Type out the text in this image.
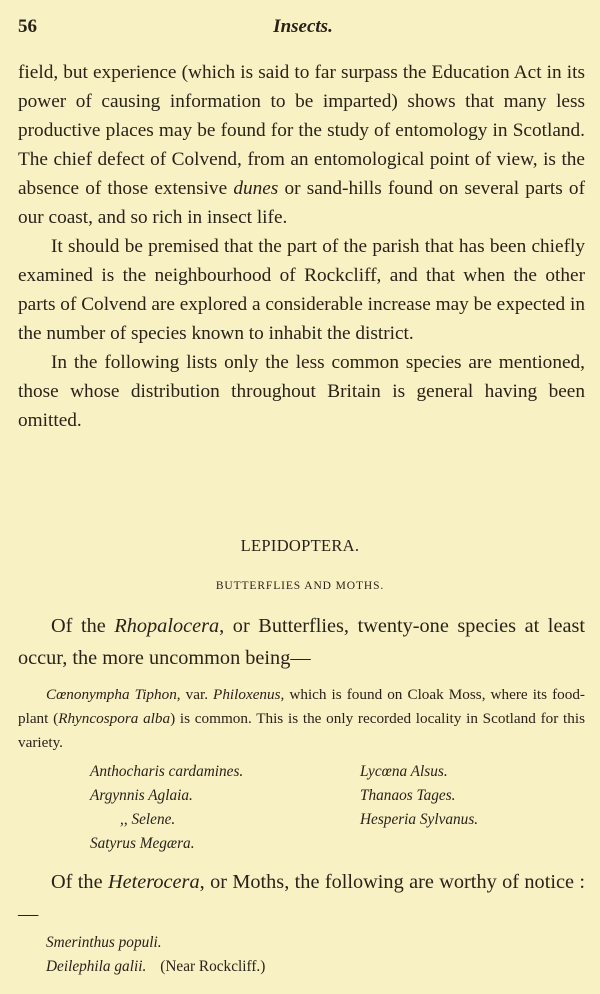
56	Insects.

field, but experience (which is said to far surpass the Education Act in its power of causing information to be imparted) shows that many less productive places may be found for the study of entomology in Scotland. The chief defect of Colvend, from an entomological point of view, is the absence of those extensive dunes or sand-hills found on several parts of our coast, and so rich in insect life.

It should be premised that the part of the parish that has been chiefly examined is the neighbourhood of Rockcliff, and that when the other parts of Colvend are explored a considerable increase may be expected in the number of species known to inhabit the district.

In the following lists only the less common species are mentioned, those whose distribution throughout Britain is general having been omitted.

LEPIDOPTERA.
BUTTERFLIES AND MOTHS.

Of the Rhopalocera, or Butterflies, twenty-one species at least occur, the more uncommon being—

Cœnonympha Tiphon, var. Philoxenus, which is found on Cloak Moss, where its food-plant (Rhyncospora alba) is common. This is the only recorded locality in Scotland for this variety.

Anthocharis cardamines.
Argynnis Aglaia.
,, Selene.
Satyrus Megæra.
Lycœna Alsus.
Thanaos Tages.
Hesperia Sylvanus.

Of the Heterocera, or Moths, the following are worthy of notice :—

Smerinthus populi.
Deilephila galii. (Near Rockcliff.)
